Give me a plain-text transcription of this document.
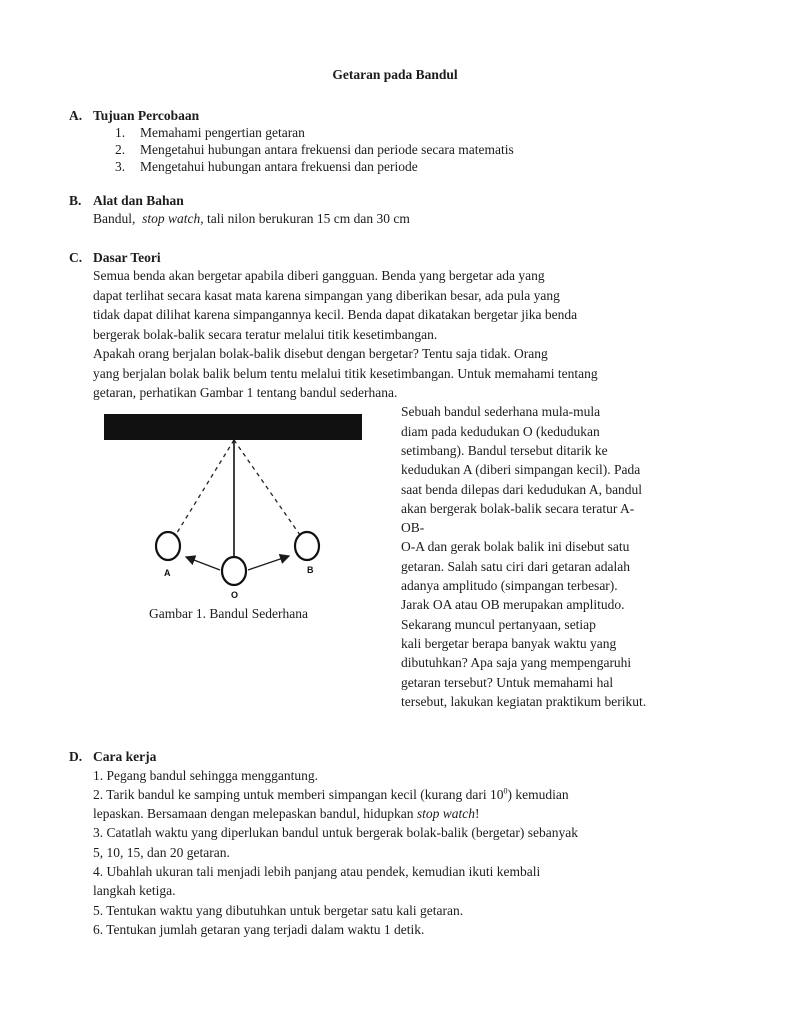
Getaran pada Bandul
A. Tujuan Percobaan
1. Memahami pengertian getaran
2. Mengetahui hubungan antara frekuensi dan periode secara matematis
3. Mengetahui hubungan antara frekuensi dan periode
B. Alat dan Bahan
Bandul,  stop watch, tali nilon berukuran 15 cm dan 30 cm
C. Dasar Teori
Semua benda akan bergetar apabila diberi gangguan. Benda yang bergetar ada yang
dapat terlihat secara kasat mata karena simpangan yang diberikan besar, ada pula yang
tidak dapat dilihat karena simpangannya kecil. Benda dapat dikatakan bergetar jika benda
bergerak bolak-balik secara teratur melalui titik kesetimbangan.
Apakah orang berjalan bolak-balik disebut dengan bergetar? Tentu saja tidak. Orang
yang berjalan bolak balik belum tentu melalui titik kesetimbangan. Untuk memahami tentang
getaran, perhatikan Gambar 1 tentang bandul sederhana.
Sebuah bandul sederhana mula-mula
diam pada kedudukan O (kedudukan
setimbang). Bandul tersebut ditarik ke
kedudukan A (diberi simpangan kecil). Pada
saat benda dilepas dari kedudukan A, bandul
akan bergerak bolak-balik secara teratur A-
OB-
O-A dan gerak bolak balik ini disebut satu
getaran. Salah satu ciri dari getaran adalah
adanya amplitudo (simpangan terbesar).
Jarak OA atau OB merupakan amplitudo.
Sekarang muncul pertanyaan, setiap
kali bergetar berapa banyak waktu yang
dibutuhkan? Apa saja yang mempengaruhi
getaran tersebut? Untuk memahami hal
tersebut, lakukan kegiatan praktikum berikut.
A
O
B
Gambar 1. Bandul Sederhana
D. Cara kerja
1. Pegang bandul sehingga menggantung.
2. Tarik bandul ke samping untuk memberi simpangan kecil (kurang dari $10^0$) kemudian
lepaskan. Bersamaan dengan melepaskan bandul, hidupkan stop watch!
3. Catatlah waktu yang diperlukan bandul untuk bergerak bolak-balik (bergetar) sebanyak
5, 10, 15, dan 20 getaran.
4. Ubahlah ukuran tali menjadi lebih panjang atau pendek, kemudian ikuti kembali
langkah ketiga.
5. Tentukan waktu yang dibutuhkan untuk bergetar satu kali getaran.
6. Tentukan jumlah getaran yang terjadi dalam waktu 1 detik.
